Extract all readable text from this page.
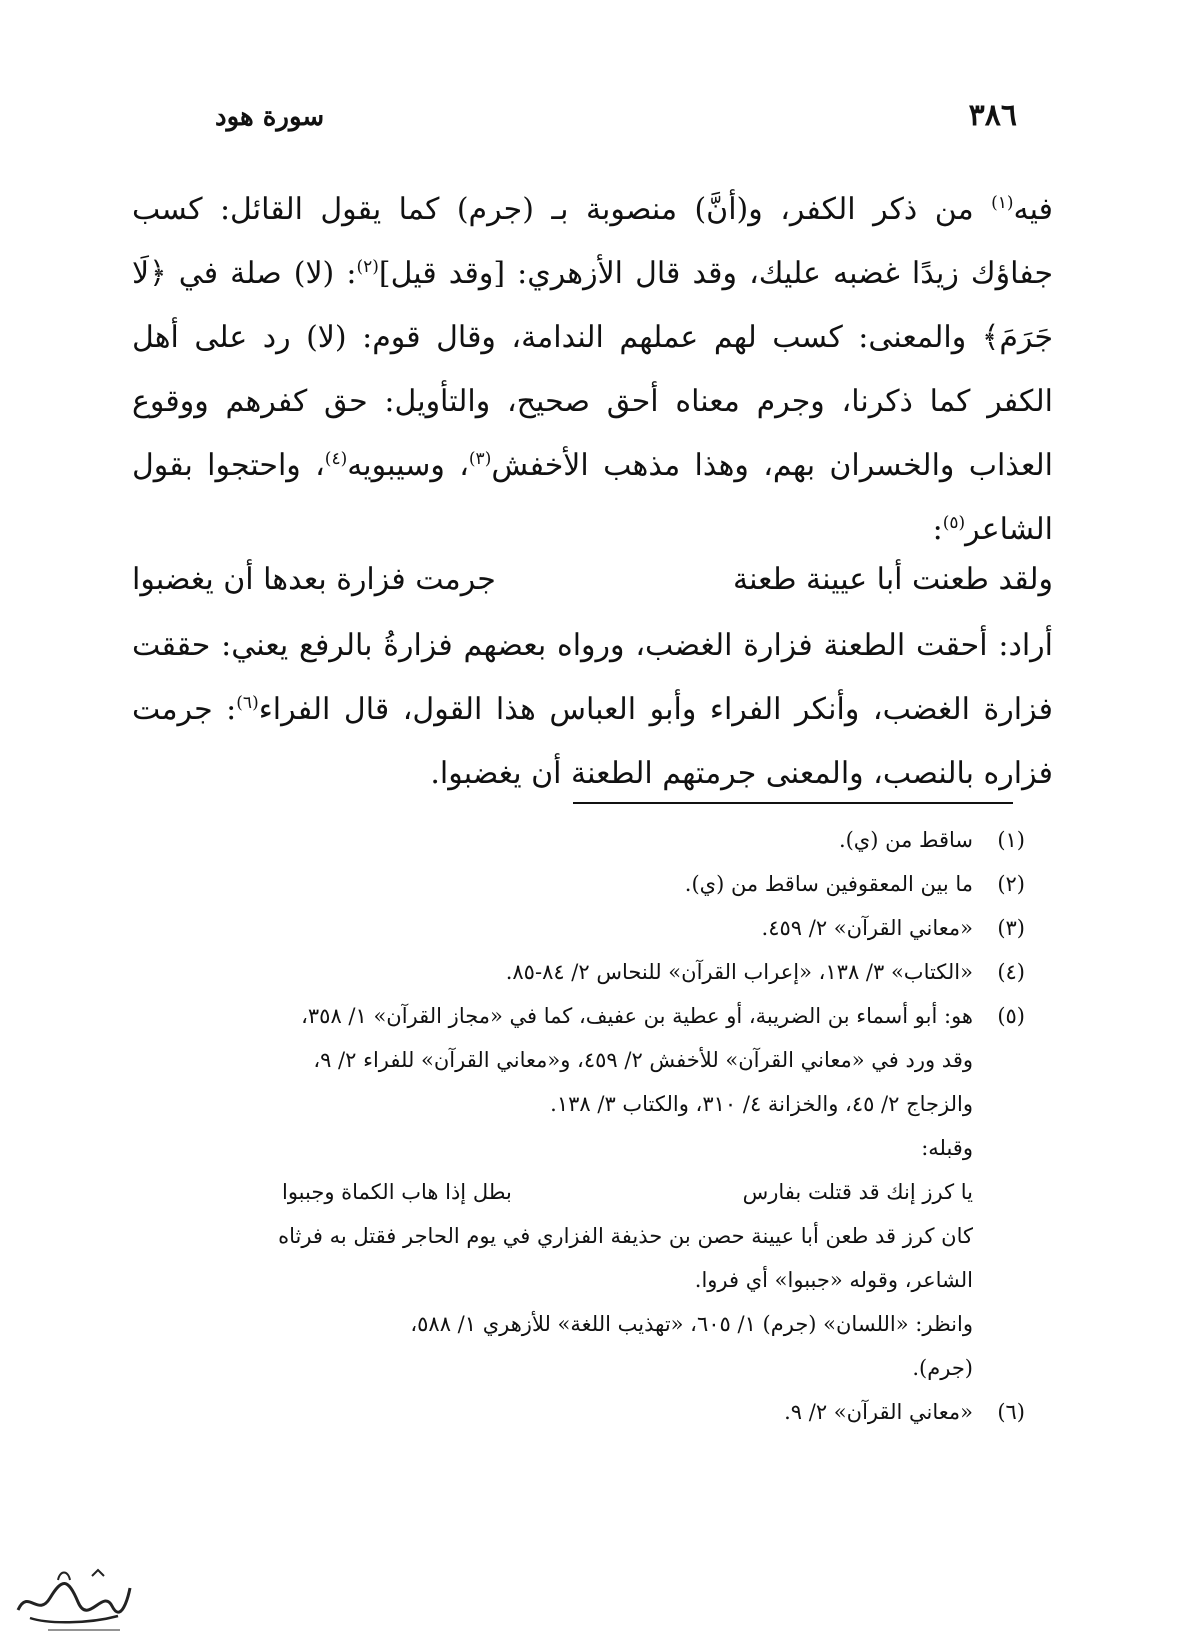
٣٨٦
سورة هود

فيه$^{(١)}$ من ذكر الكفر، و(أنَّ) منصوبة بـ (جرم) كما يقول القائل: كسب جفاؤك زيدًا غضبه عليك، وقد قال الأزهري: [وقد قيل]$^{(٢)}$: (لا) صلة في ﴿لَا جَرَمَ﴾ والمعنى: كسب لهم عملهم الندامة، وقال قوم: (لا) رد على أهل الكفر كما ذكرنا، وجرم معناه أحق صحيح، والتأويل: حق كفرهم ووقوع العذاب والخسران بهم، وهذا مذهب الأخفش$^{(٣)}$، وسيبويه$^{(٤)}$، واحتجوا بقول الشاعر$^{(٥)}$:

ولقد طعنت أبا عيينة طعنة
جرمت فزارة بعدها أن يغضبوا

أراد: أحقت الطعنة فزارة الغضب، ورواه بعضهم فزارةُ بالرفع يعني: حققت فزارة الغضب، وأنكر الفراء وأبو العباس هذا القول، قال الفراء$^{(٦)}$: جرمت فزاره بالنصب، والمعنى جرمتهم الطعنة أن يغضبوا.

(١)
ساقط من (ي).
(٢)
ما بين المعقوفين ساقط من (ي).
(٣)
«معاني القرآن» ٢/ ٤٥٩.
(٤)
«الكتاب» ٣/ ١٣٨، «إعراب القرآن» للنحاس ٢/ ٨٤-٨٥.
(٥)
هو: أبو أسماء بن الضريبة، أو عطية بن عفيف، كما في «مجاز القرآن» ١/ ٣٥٨،
وقد ورد في «معاني القرآن» للأخفش ٢/ ٤٥٩، و«معاني القرآن» للفراء ٢/ ٩،
والزجاج ٢/ ٤٥، والخزانة ٤/ ٣١٠، والكتاب ٣/ ١٣٨.
وقبله:
يا كرز إنك قد قتلت بفارس
بطل إذا هاب الكماة وجببوا
كان كرز قد طعن أبا عيينة حصن بن حذيفة الفزاري في يوم الحاجر فقتل به فرثاه
الشاعر، وقوله «جببوا» أي فروا.
وانظر: «اللسان» (جرم) ١/ ٦٠٥، «تهذيب اللغة» للأزهري ١/ ٥٨٨،
(جرم).
(٦)
«معاني القرآن» ٢/ ٩.
